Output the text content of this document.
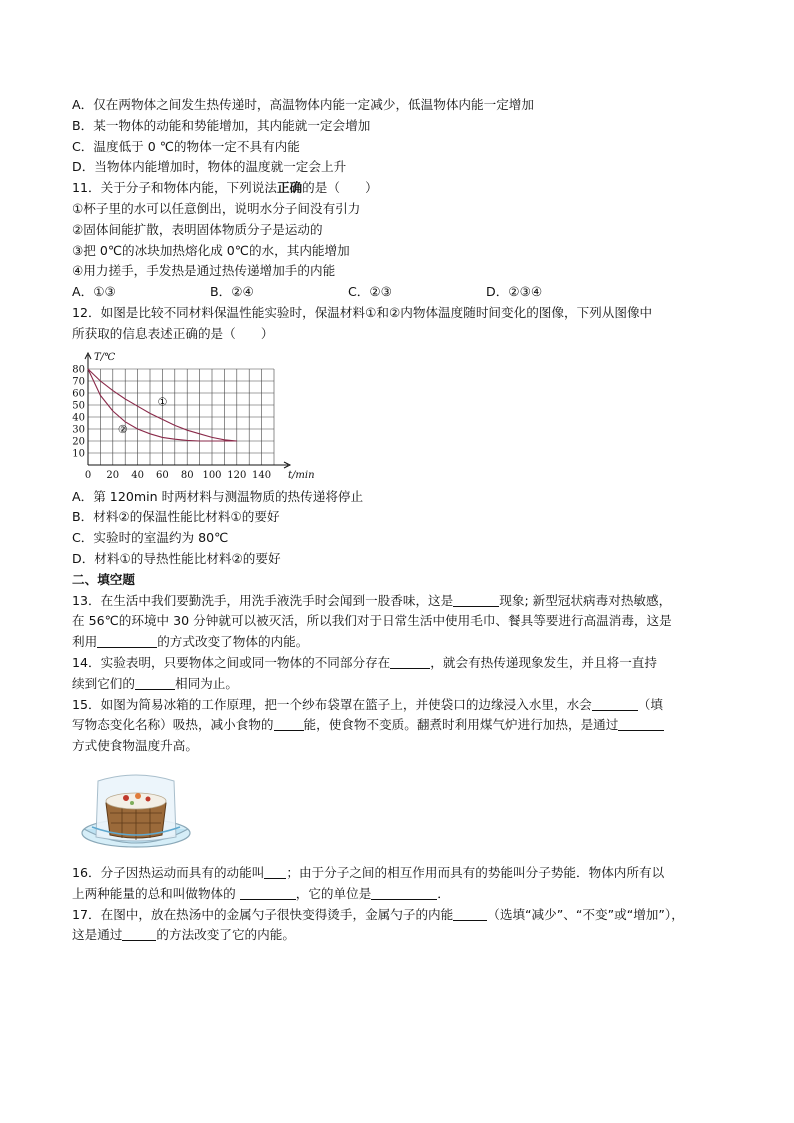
A．仅在两物体之间发生热传递时，高温物体内能一定减少，低温物体内能一定增加
B．某一物体的动能和势能增加，其内能就一定会增加
C．温度低于 0 ℃的物体一定不具有内能
D．当物体内能增加时，物体的温度就一定会上升
11．关于分子和物体内能，下列说法正确的是（　　）
①杯子里的水可以任意倒出，说明水分子间没有引力
②固体间能扩散，表明固体物质分子是运动的
③把 0℃的冰块加热熔化成 0℃的水，其内能增加
④用力搓手，手发热是通过热传递增加手的内能
A．①③	B．②④	C．②③	D．②③④
12．如图是比较不同材料保温性能实验时，保温材料①和②内物体温度随时间变化的图像，下列从图像中
所获取的信息表述正确的是（　　）
0 20 40 60 80 100 120 140
10
20
30
40
50
60
70
80
①
②
T/℃
t/min
A．第 120min 时两材料与测温物质的热传递将停止
B．材料②的保温性能比材料①的要好
C．实验时的室温约为 80℃
D．材料①的导热性能比材料②的要好
二、填空题
13．在生活中我们要勤洗手，用洗手液洗手时会闻到一股香味，这是	现象; 新型冠状病毒对热敏感，
在 56℃的环境中 30 分钟就可以被灭活，所以我们对于日常生活中使用毛巾、餐具等要进行高温消毒，这是
利用	的方式改变了物体的内能。
14．实验表明，只要物体之间或同一物体的不同部分存在	，就会有热传递现象发生，并且将一直持
续到它们的	相同为止。
15．如图为简易冰箱的工作原理，把一个纱布袋罩在篮子上，并使袋口的边缘浸入水里，水会	（填
写物态变化名称）吸热，减小食物的 能，使食物不变质。翻煮时利用煤气炉进行加热，是通过
方式使食物温度升高。
16．分子因热运动而具有的动能叫 ；由于分子之间的相互作用而具有的势能叫分子势能．物体内所有以
上两种能量的总和叫做物体的	，它的单位是	．
17．在图中，放在热汤中的金属勺子很快变得烫手，金属勺子的内能	（选填“减少”、“不变”或“增加”），
这是通过	的方法改变了它的内能。
